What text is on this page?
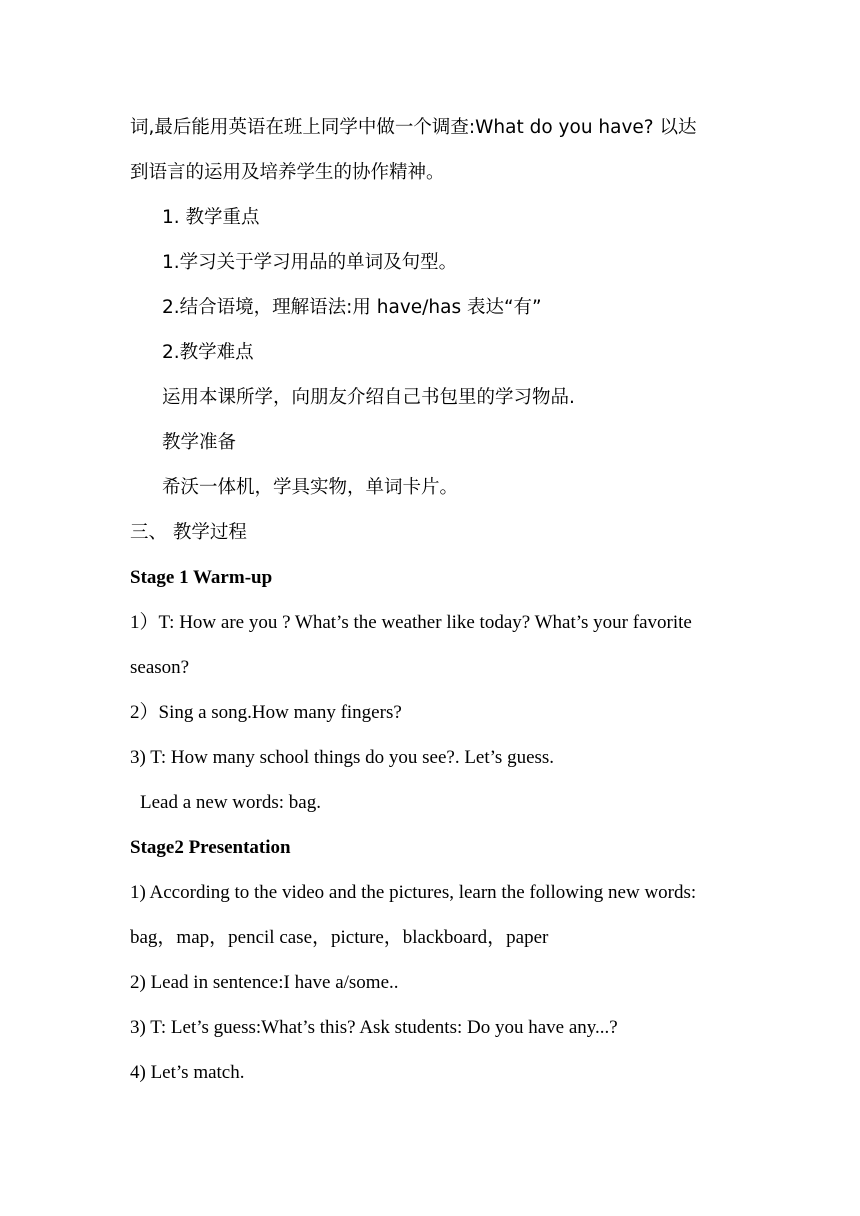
词,最后能用英语在班上同学中做一个调查:What do you have? 以达
到语言的运用及培养学生的协作精神。
1. 教学重点
1.学习关于学习用品的单词及句型。
2.结合语境，理解语法:用 have/has 表达“有”
2.教学难点
运用本课所学，向朋友介绍自己书包里的学习物品.
教学准备
希沃一体机，学具实物，单词卡片。
三、 教学过程
Stage 1 Warm-up
1）T: How are you ? What’s the weather like today? What’s your favorite
season?
2）Sing a song.How many fingers?
3) T: How many school things do you see?. Let’s guess.
Lead a new words: bag.
Stage2 Presentation
1) According to the video and the pictures, learn the following new words:
bag，map，pencil case，picture，blackboard，paper
2) Lead in sentence:I have a/some..
3) T: Let’s guess:What’s this? Ask students: Do you have any...?
4) Let’s match.
